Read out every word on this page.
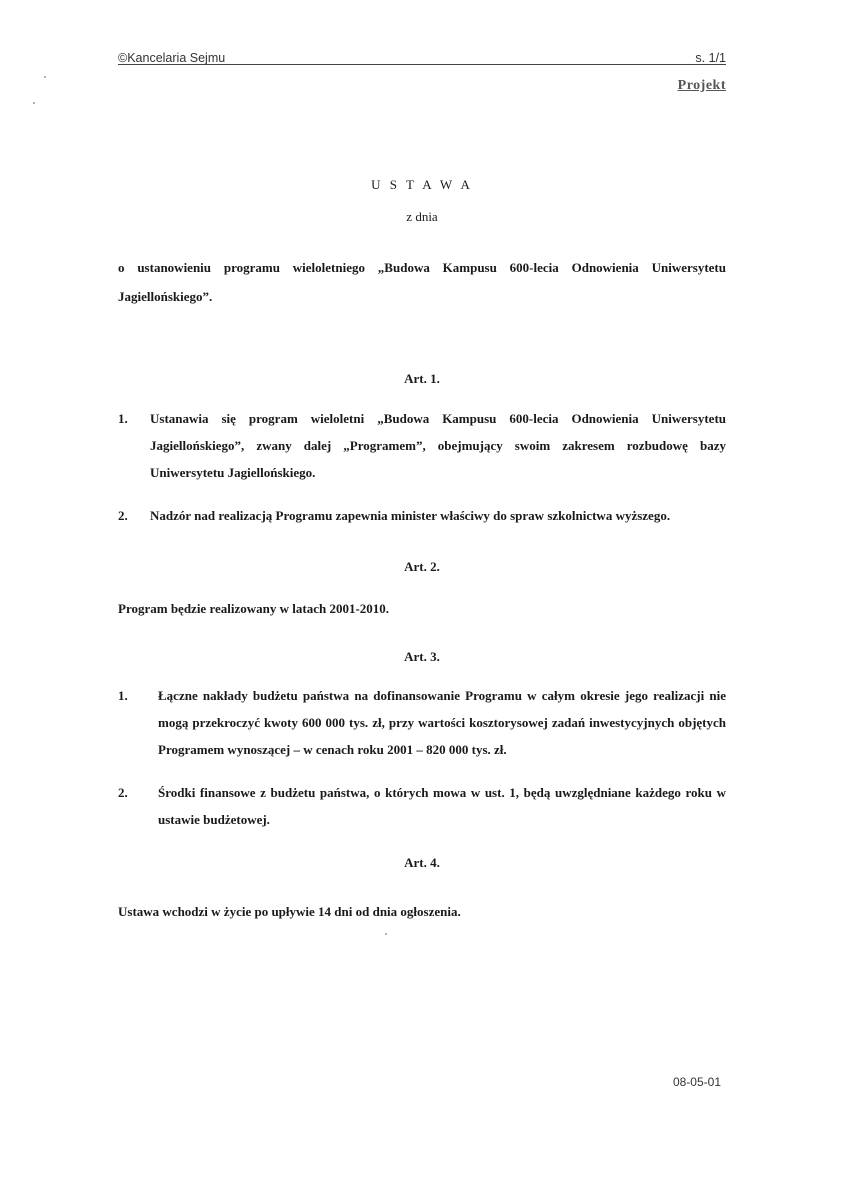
©Kancelaria Sejmu	s. 1/1
Projekt
U S T A W A
z dnia
o ustanowieniu programu wieloletniego „Budowa Kampusu 600-lecia Odnowienia Uniwersytetu Jagiellońskiego”.
Art. 1.
1. Ustanawia się program wieloletni „Budowa Kampusu 600-lecia Odnowienia Uniwersytetu Jagiellońskiego”, zwany dalej „Programem”, obejmujący swoim zakresem rozbudowę bazy Uniwersytetu Jagiellońskiego.
2. Nadzór nad realizacją Programu zapewnia minister właściwy do spraw szkolnictwa wyższego.
Art. 2.
Program będzie realizowany w latach 2001-2010.
Art. 3.
1. Łączne nakłady budżetu państwa na dofinansowanie Programu w całym okresie jego realizacji nie mogą przekroczyć kwoty 600 000 tys. zł, przy wartości kosztorysowej zadań inwestycyjnych objętych Programem wynoszącej – w cenach roku 2001 – 820 000 tys. zł.
2. Środki finansowe z budżetu państwa, o których mowa w ust. 1, będą uwzględniane każdego roku w ustawie budżetowej.
Art. 4.
Ustawa wchodzi w życie po upływie 14 dni od dnia ogłoszenia.
08-05-01
